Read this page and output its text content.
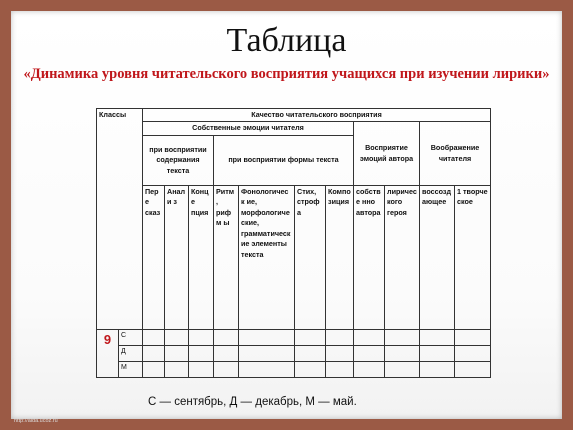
Таблица
«Динамика уровня читательского восприятия учащихся при изучении лирики»
Классы		Качество читательского восприятия										
		Собственные эмоции читателя							Восприятие эмоций автора		Воображение читателя	
		при восприятии содержания текста			при восприятии формы текста							

		Пере сказ	Анали з	Конце пция	Ритм, рифм ы	Фонологическ ие, морфологиче ские, грамматическ ие элементы текста	Стих, строфа	Компо зиция	собстве нно автора	лиричес кого героя	воссозд ающее	1 творче ское
9	С											
	Д											
	М											
С — сентябрь, Д — декабрь, М — май.
http://aida.ucoz.ru
